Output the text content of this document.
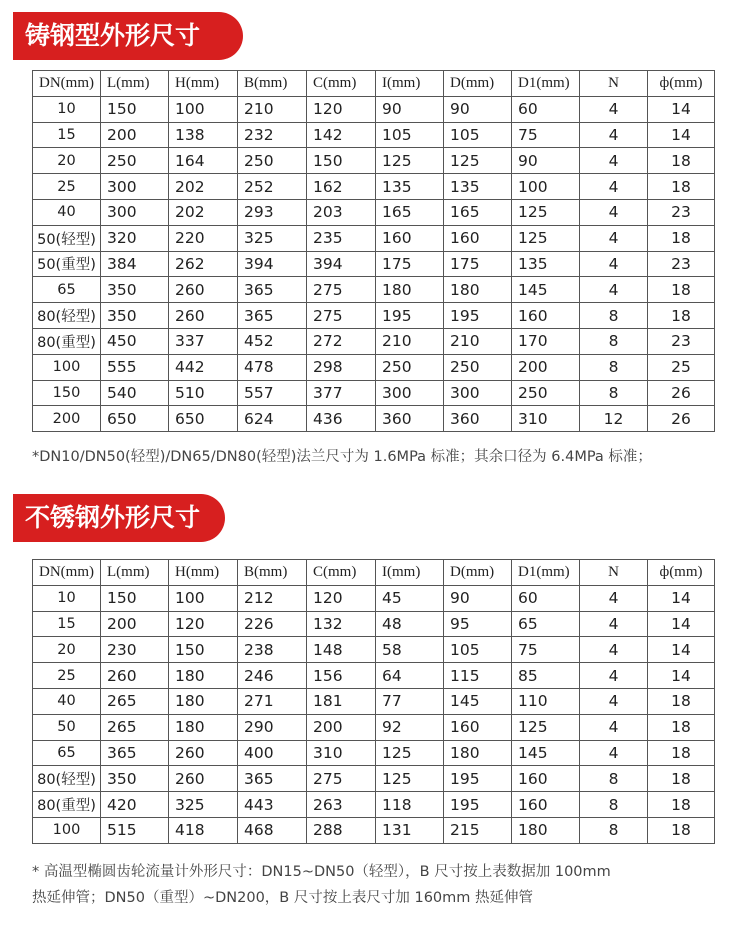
铸钢型外形尺寸
DN(mm)	L(mm)	H(mm)	B(mm)	C(mm)	I(mm)	D(mm)	D1(mm)	N	ф(mm)
10	150	100	210	120	90	90	60	4	14
15	200	138	232	142	105	105	75	4	14
20	250	164	250	150	125	125	90	4	18
25	300	202	252	162	135	135	100	4	18
40	300	202	293	203	165	165	125	4	23
50(轻型)	320	220	325	235	160	160	125	4	18
50(重型)	384	262	394	394	175	175	135	4	23
65	350	260	365	275	180	180	145	4	18
80(轻型)	350	260	365	275	195	195	160	8	18
80(重型)	450	337	452	272	210	210	170	8	23
100	555	442	478	298	250	250	200	8	25
150	540	510	557	377	300	300	250	8	26
200	650	650	624	436	360	360	310	12	26
*DN10/DN50(轻型)/DN65/DN80(轻型)法兰尺寸为 1.6MPa 标准；其余口径为 6.4MPa 标准；
不锈钢外形尺寸
DN(mm)	L(mm)	H(mm)	B(mm)	C(mm)	I(mm)	D(mm)	D1(mm)	N	ф(mm)
10	150	100	212	120	45	90	60	4	14
15	200	120	226	132	48	95	65	4	14
20	230	150	238	148	58	105	75	4	14
25	260	180	246	156	64	115	85	4	14
40	265	180	271	181	77	145	110	4	18
50	265	180	290	200	92	160	125	4	18
65	365	260	400	310	125	180	145	4	18
80(轻型)	350	260	365	275	125	195	160	8	18
80(重型)	420	325	443	263	118	195	160	8	18
100	515	418	468	288	131	215	180	8	18
* 高温型椭圆齿轮流量计外形尺寸：DN15~DN50（轻型），B 尺寸按上表数据加 100mm
热延伸管；DN50（重型）~DN200，B 尺寸按上表尺寸加 160mm 热延伸管
